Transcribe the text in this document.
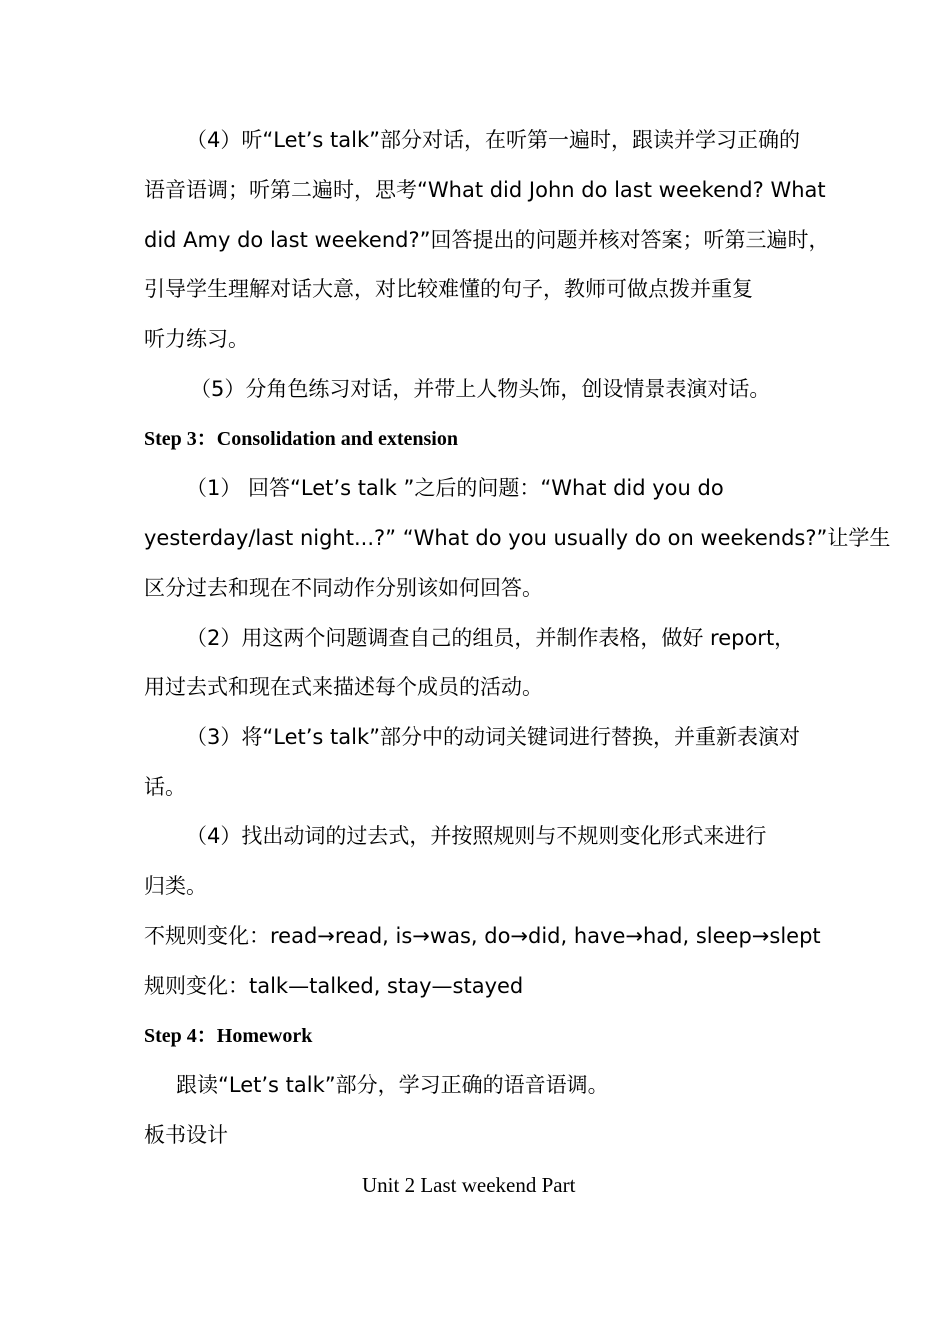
（4）听“Let’s talk”部分对话，在听第一遍时，跟读并学习正确的
语音语调；听第二遍时，思考“What did John do last weekend? What
did Amy do last weekend?”回答提出的问题并核对答案；听第三遍时，
引导学生理解对话大意，对比较难懂的句子，教师可做点拨并重复
听力练习。
（5）分角色练习对话，并带上人物头饰，创设情景表演对话。
Step 3：Consolidation and extension
（1） 回答“Let’s talk ”之后的问题：“What did you do
yesterday/last night...?” “What do you usually do on weekends?”让学生
区分过去和现在不同动作分别该如何回答。
（2）用这两个问题调查自己的组员，并制作表格，做好 report，
用过去式和现在式来描述每个成员的活动。
（3）将“Let’s talk”部分中的动词关键词进行替换，并重新表演对
话。
（4）找出动词的过去式，并按照规则与不规则变化形式来进行
归类。
不规则变化：read→read, is→was, do→did, have→had, sleep→slept
规则变化：talk—talked, stay—stayed
Step 4：Homework
跟读“Let’s talk”部分，学习正确的语音语调。
板书设计
Unit 2 Last weekend Part
